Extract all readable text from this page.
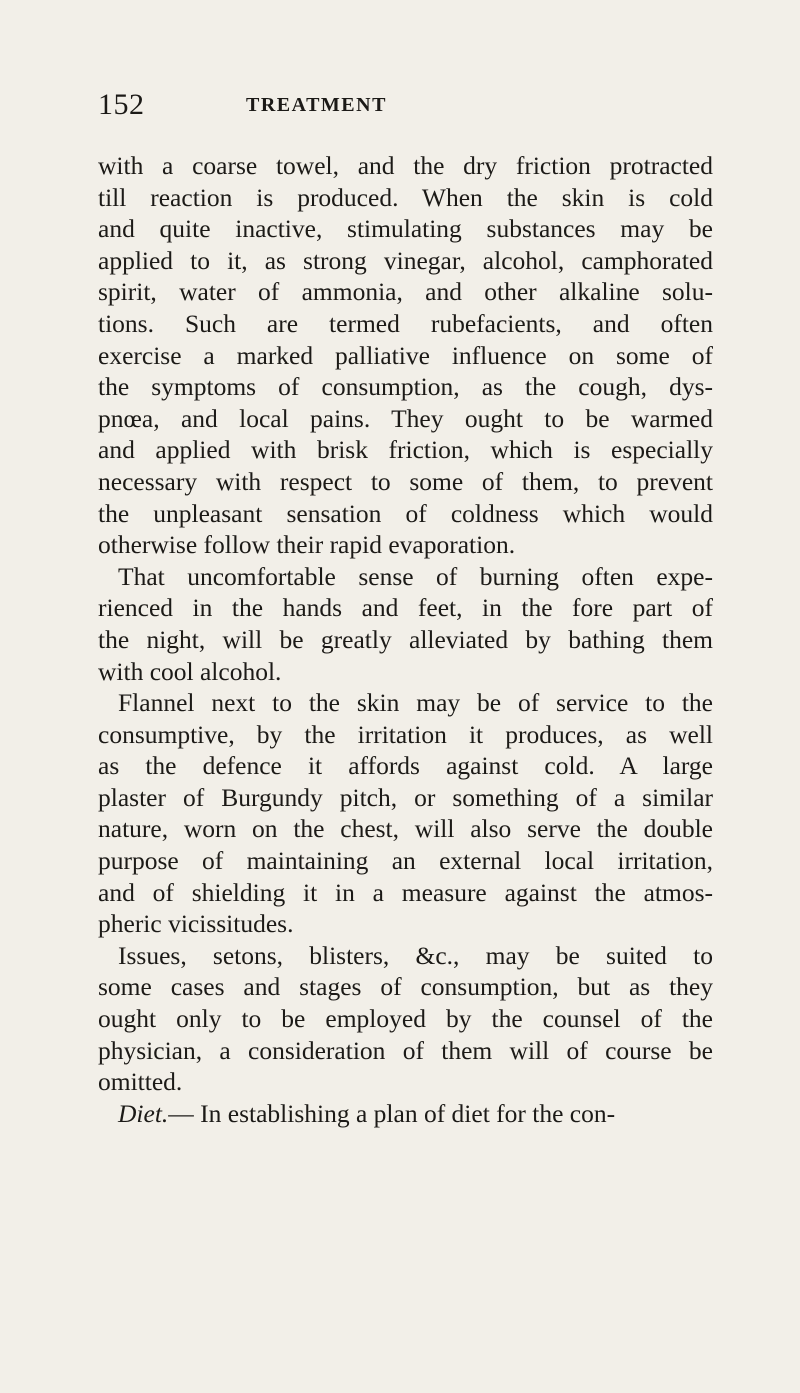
152	TREATMENT
with a coarse towel, and the dry friction protracted
till reaction is produced. When the skin is cold
and quite inactive, stimulating substances may be
applied to it, as strong vinegar, alcohol, camphorated
spirit, water of ammonia, and other alkaline solu-
tions. Such are termed rubefacients, and often
exercise a marked palliative influence on some of
the symptoms of consumption, as the cough, dys-
pnœa, and local pains. They ought to be warmed
and applied with brisk friction, which is especially
necessary with respect to some of them, to prevent
the unpleasant sensation of coldness which would
otherwise follow their rapid evaporation.
That uncomfortable sense of burning often expe-
rienced in the hands and feet, in the fore part of
the night, will be greatly alleviated by bathing them
with cool alcohol.
Flannel next to the skin may be of service to the
consumptive, by the irritation it produces, as well
as the defence it affords against cold. A large
plaster of Burgundy pitch, or something of a similar
nature, worn on the chest, will also serve the double
purpose of maintaining an external local irritation,
and of shielding it in a measure against the atmos-
pheric vicissitudes.
Issues, setons, blisters, &c., may be suited to
some cases and stages of consumption, but as they
ought only to be employed by the counsel of the
physician, a consideration of them will of course be
omitted.
Diet.— In establishing a plan of diet for the con-
